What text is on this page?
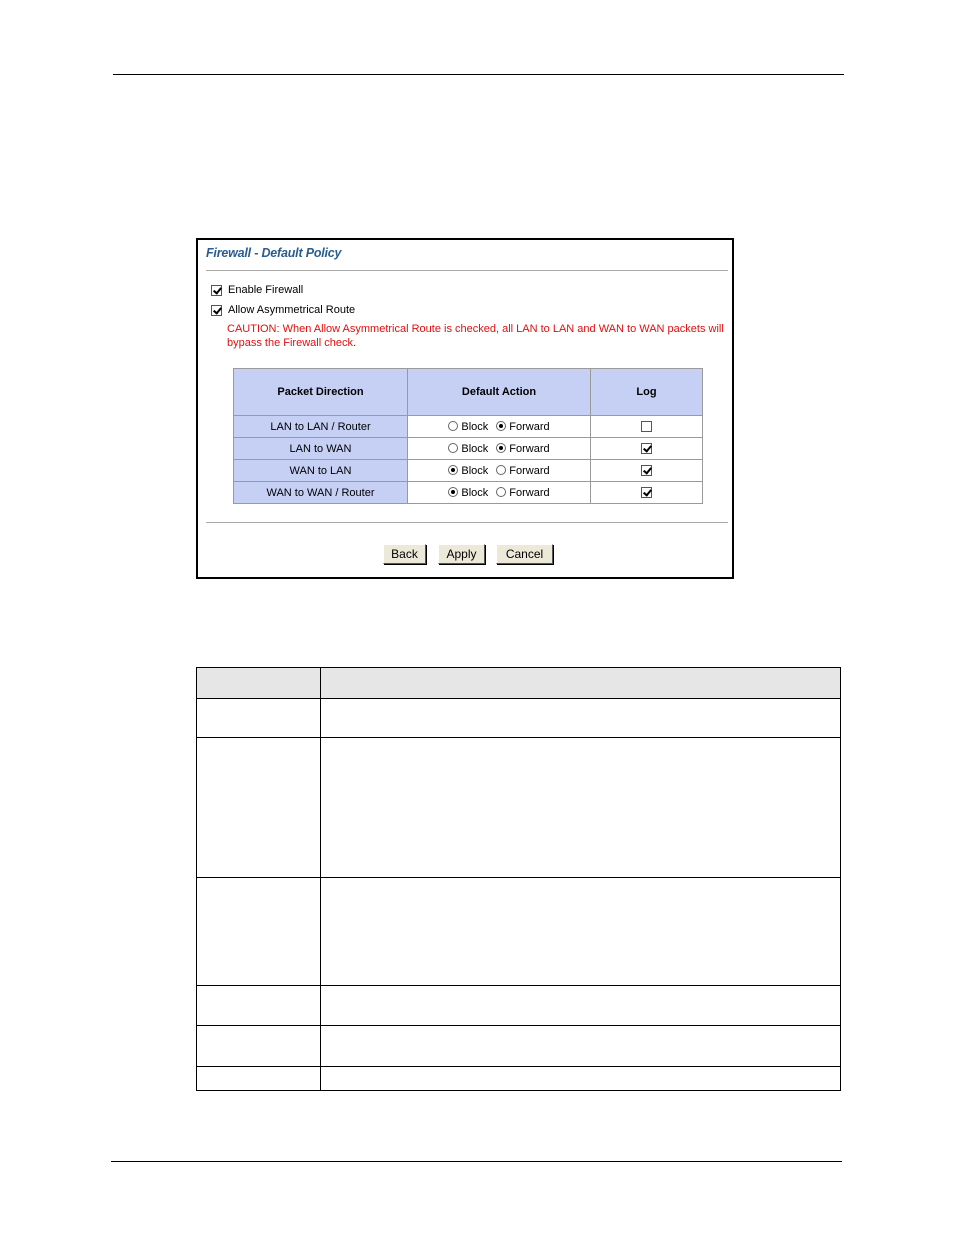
Firewall - Default Policy
Enable Firewall
Allow Asymmetrical Route
CAUTION: When Allow Asymmetrical Route is checked, all LAN to LAN and WAN to WAN packets will bypass the Firewall check.
Packet Direction	Default Action	Log
LAN to LAN / Router	Block Forward	
LAN to WAN	Block Forward	
WAN to LAN	Block Forward	
WAN to WAN / Router	Block Forward	
Back	Apply	Cancel
